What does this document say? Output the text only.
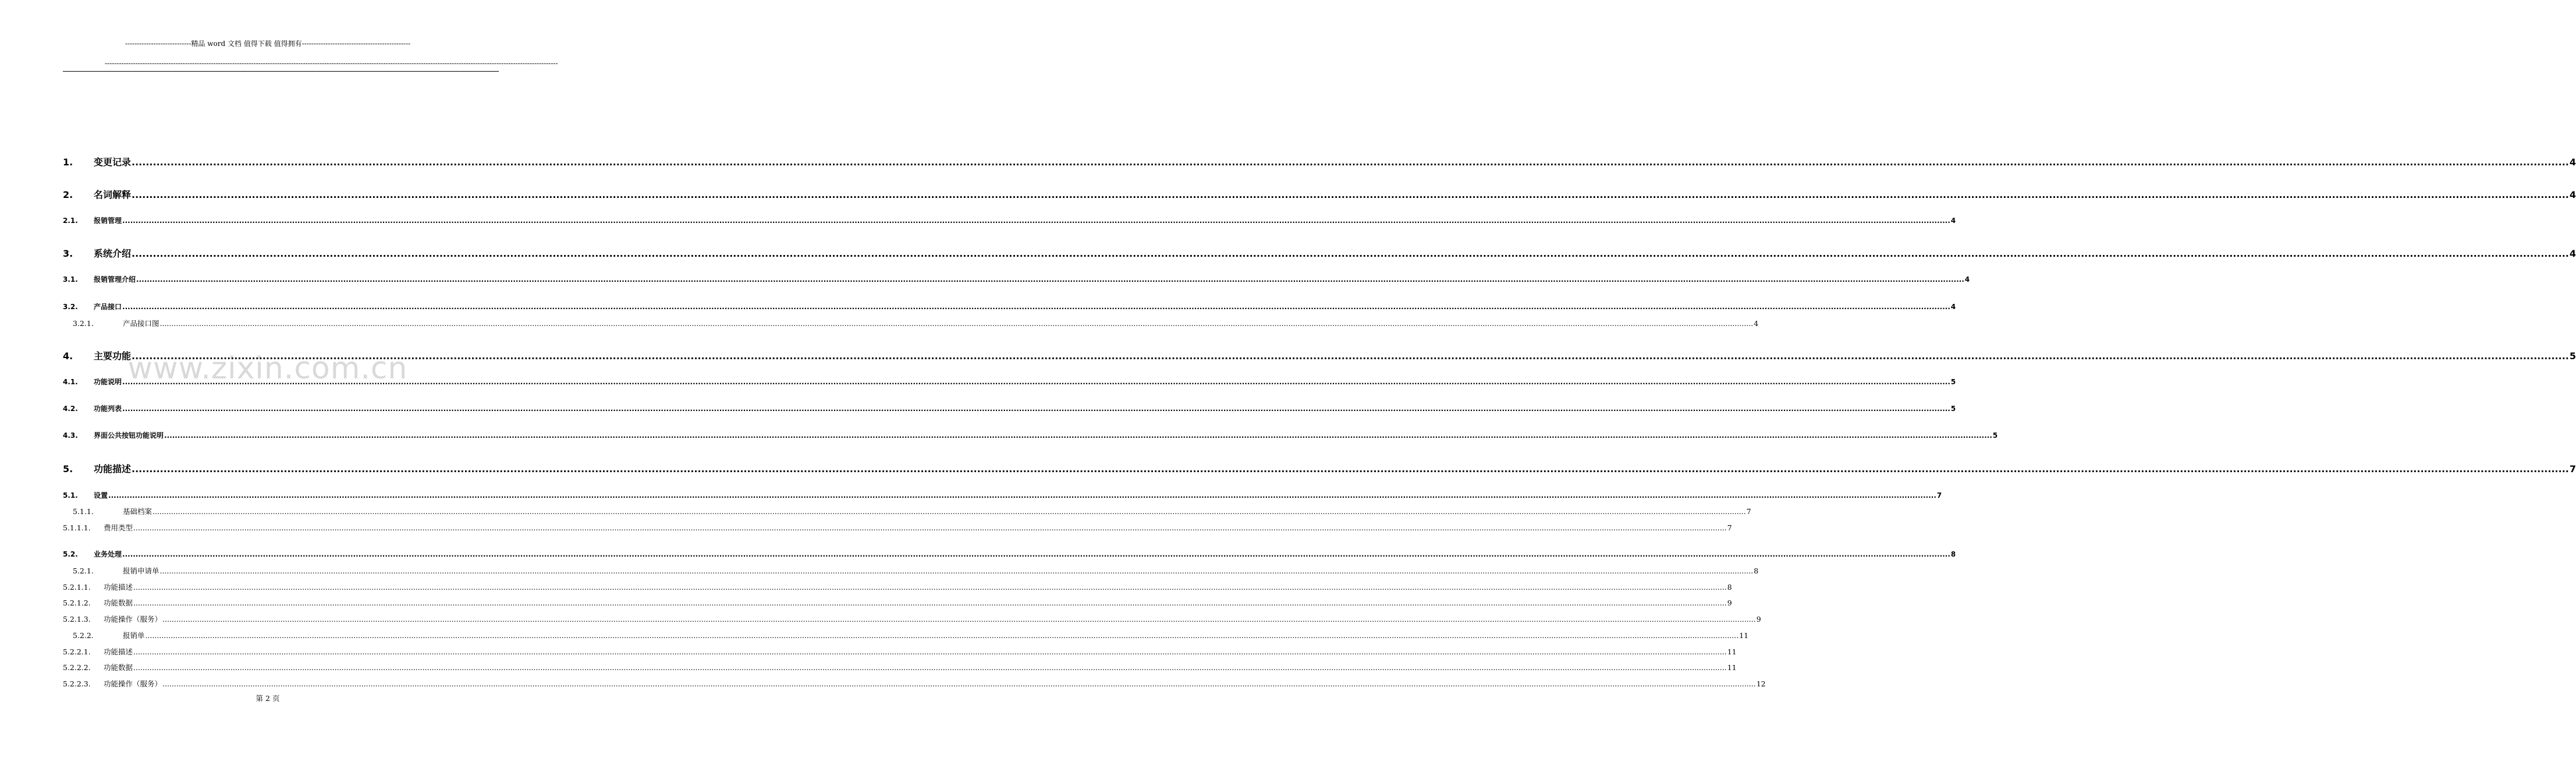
----------------------------精品 word 文档 值得下载 值得拥有----------------------------------------------
------------------------------------------------------------------------------------------------------------------------------------------------------------------------------------------------
www.zixin.com.cn
1.	变更记录 .....	4
2.	名词解释 .....	4
2.1.	报销管理 .....	4
3.	系统介绍 .....	4
3.1.	报销管理介绍 .....	4
3.2.	产品接口 .....	4
3.2.1.	产品接口图 .....	4
4.	主要功能 .....	5
4.1.	功能说明 .....	5
4.2.	功能列表 .....	5
4.3.	界面公共按钮功能说明 .....	5
5.	功能描述 .....	7
5.1.	设置 .....	7
5.1.1.	基础档案 .....	7
5.1.1.1.	费用类型 .....	7
5.2.	业务处理 .....	8
5.2.1.	报销申请单 .....	8
5.2.1.1.	功能描述 .....	8
5.2.1.2.	功能数据 .....	9
5.2.1.3.	功能操作（服务） .....	9
5.2.2.	报销单 .....	11
5.2.2.1.	功能描述 .....	11
5.2.2.2.	功能数据 .....	11
5.2.2.3.	功能操作（服务） .....	12
第 2 页
